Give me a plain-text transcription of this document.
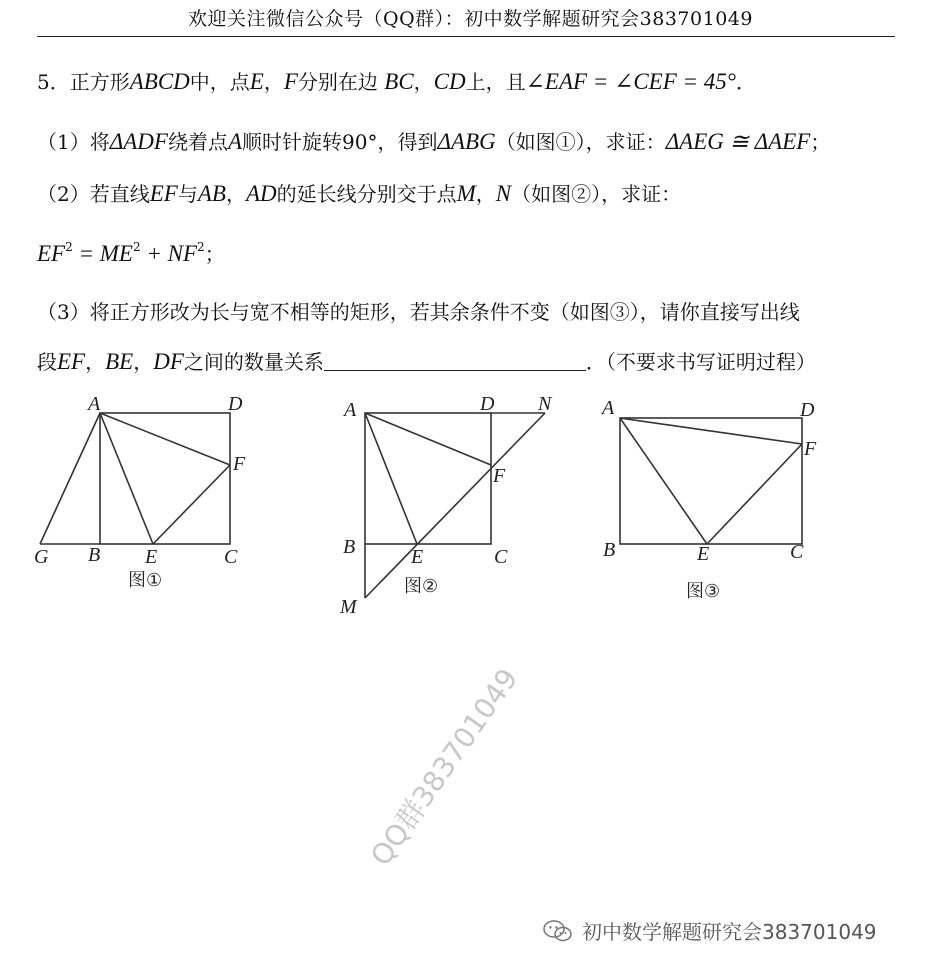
欢迎关注微信公众号（QQ群）：初中数学解题研究会383701049
5．正方形ABCD中，点E，F分别在边 BC，CD上，且∠EAF = ∠CEF = 45°．
（1）将ΔADF绕着点A顺时针旋转90°，得到ΔABG（如图①），求证：ΔAEG ≅ ΔAEF；
（2）若直线EF与AB，AD的延长线分别交于点M，N（如图②），求证：
$EF^2 = ME^2 + NF^2$；
（3）将正方形改为长与宽不相等的矩形，若其余条件不变（如图③），请你直接写出线
段EF，BE，DF之间的数量关系	．（不要求书写证明过程）
A	D
F
G B E	C
图①
A	D N
F
B	E	C
M
图②
A	D
F
B	E	C
图③
QQ群383701049
初中数学解题研究会383701049
